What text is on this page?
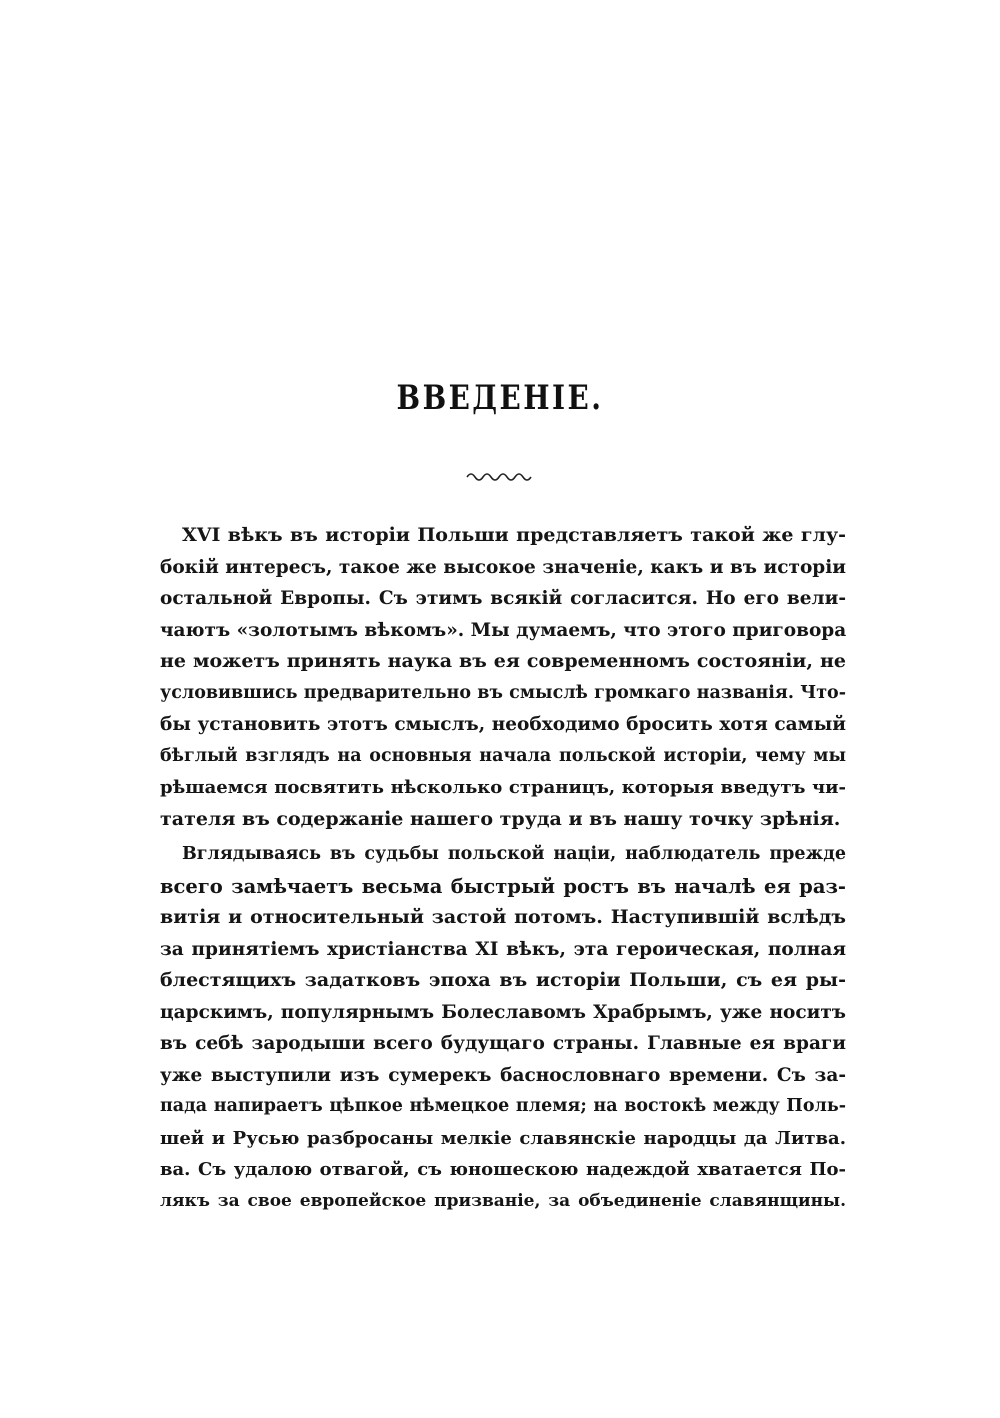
ВВЕДЕНІЕ.
XVI вѣкъ въ исторіи Польши представляетъ такой же глу-
бокій интересъ, такое же высокое значеніе, какъ и въ исторіи
остальной Европы. Съ этимъ всякій согласится. Но его вели-
чаютъ «золотымъ вѣкомъ». Мы думаемъ, что этого приговора
не можетъ принять наука въ ея современномъ состояніи, не
условившись предварительно въ смыслѣ громкаго названія. Что-
бы установить этотъ смыслъ, необходимо бросить хотя самый
бѣглый взглядъ на основныя начала польской исторіи, чему мы
рѣшаемся посвятить нѣсколько страницъ, которыя введутъ чи-
тателя въ содержаніе нашего труда и въ нашу точку зрѣнія.
Вглядываясь въ судьбы польской націи, наблюдатель прежде
всего замѣчаетъ весьма быстрый ростъ въ началѣ ея раз-
витія и относительный застой потомъ. Наступившій вслѣдъ
за принятіемъ христіанства XI вѣкъ, эта героическая, полная
блестящихъ задатковъ эпоха въ исторіи Польши, съ ея ры-
царскимъ, популярнымъ Болеславомъ Храбрымъ, уже носитъ
въ себѣ зародыши всего будущаго страны. Главные ея враги
уже выступили изъ сумерекъ баснословнаго времени. Съ за-
пада напираетъ цѣпкое нѣмецкое племя; на востокѣ между Поль-
шей и Русью разбросаны мелкіе славянскіе народцы да Литва.
ва. Съ удалою отвагой, съ юношескою надеждой хватается По-
лякъ за свое европейское призваніе, за объединеніе славянщины.
